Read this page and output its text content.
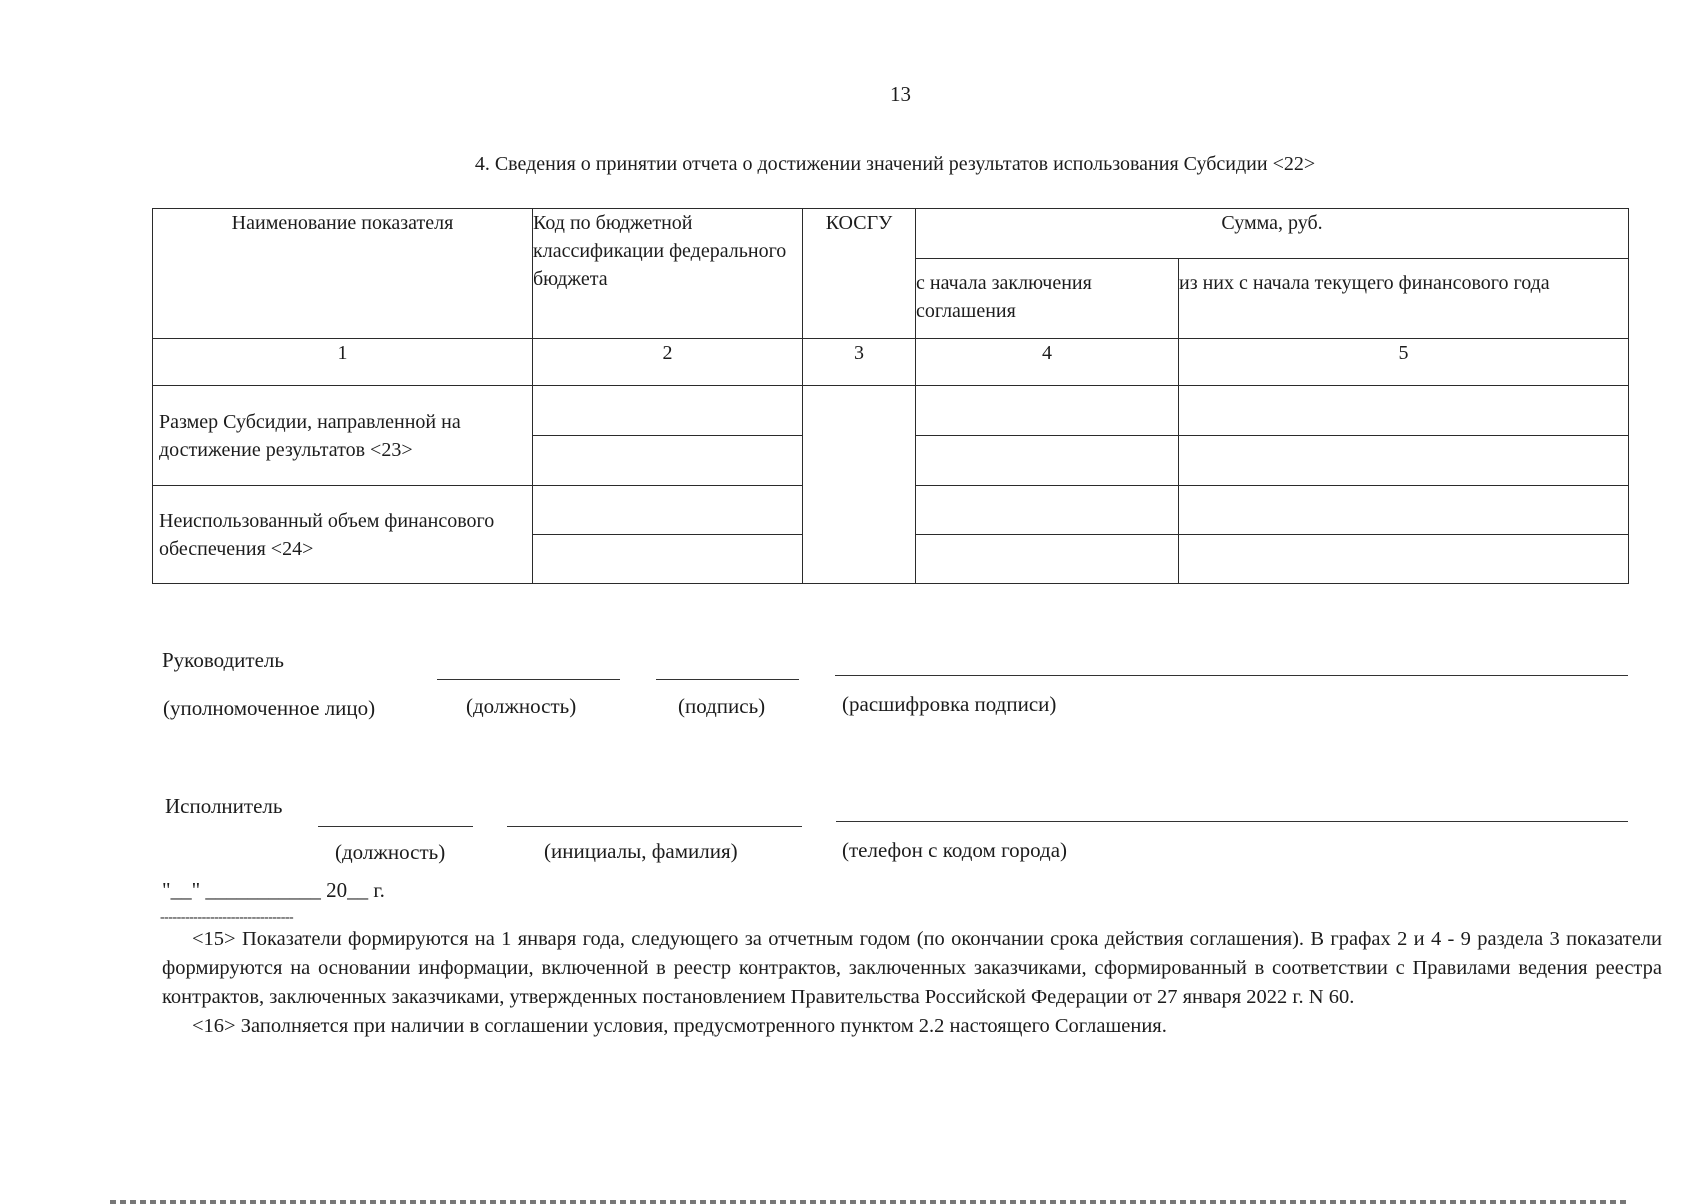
13
4. Сведения о принятии отчета о достижении значений результатов использования Субсидии <22>
Наименование показателя	Код по бюджетной классификации федерального бюджета	КОСГУ	Сумма, руб.	
			с начала заключения соглашения	из них с начала текущего финансового года
1	2	3	4	5
Размер Субсидии, направленной на достижение результатов <23>				

Неиспользованный объем финансового обеспечения <24>				

Руководитель
(уполномоченное лицо)	(должность)	(подпись)	(расшифровка подписи)
Исполнитель
(должность)	(инициалы, фамилия)	(телефон с кодом города)
"__" ___________ 20__ г.
--------------------------------

<15> Показатели формируются на 1 января года, следующего за отчетным годом (по окончании срока действия соглашения). В графах 2 и 4 - 9 раздела 3 показатели формируются на основании информации, включенной в реестр контрактов, заключенных заказчиками, сформированный в соответствии с Правилами ведения реестра контрактов, заключенных заказчиками, утвержденных постановлением Правительства Российской Федерации от 27 января 2022 г. N 60.

<16> Заполняется при наличии в соглашении условия, предусмотренного пунктом 2.2 настоящего Соглашения.
